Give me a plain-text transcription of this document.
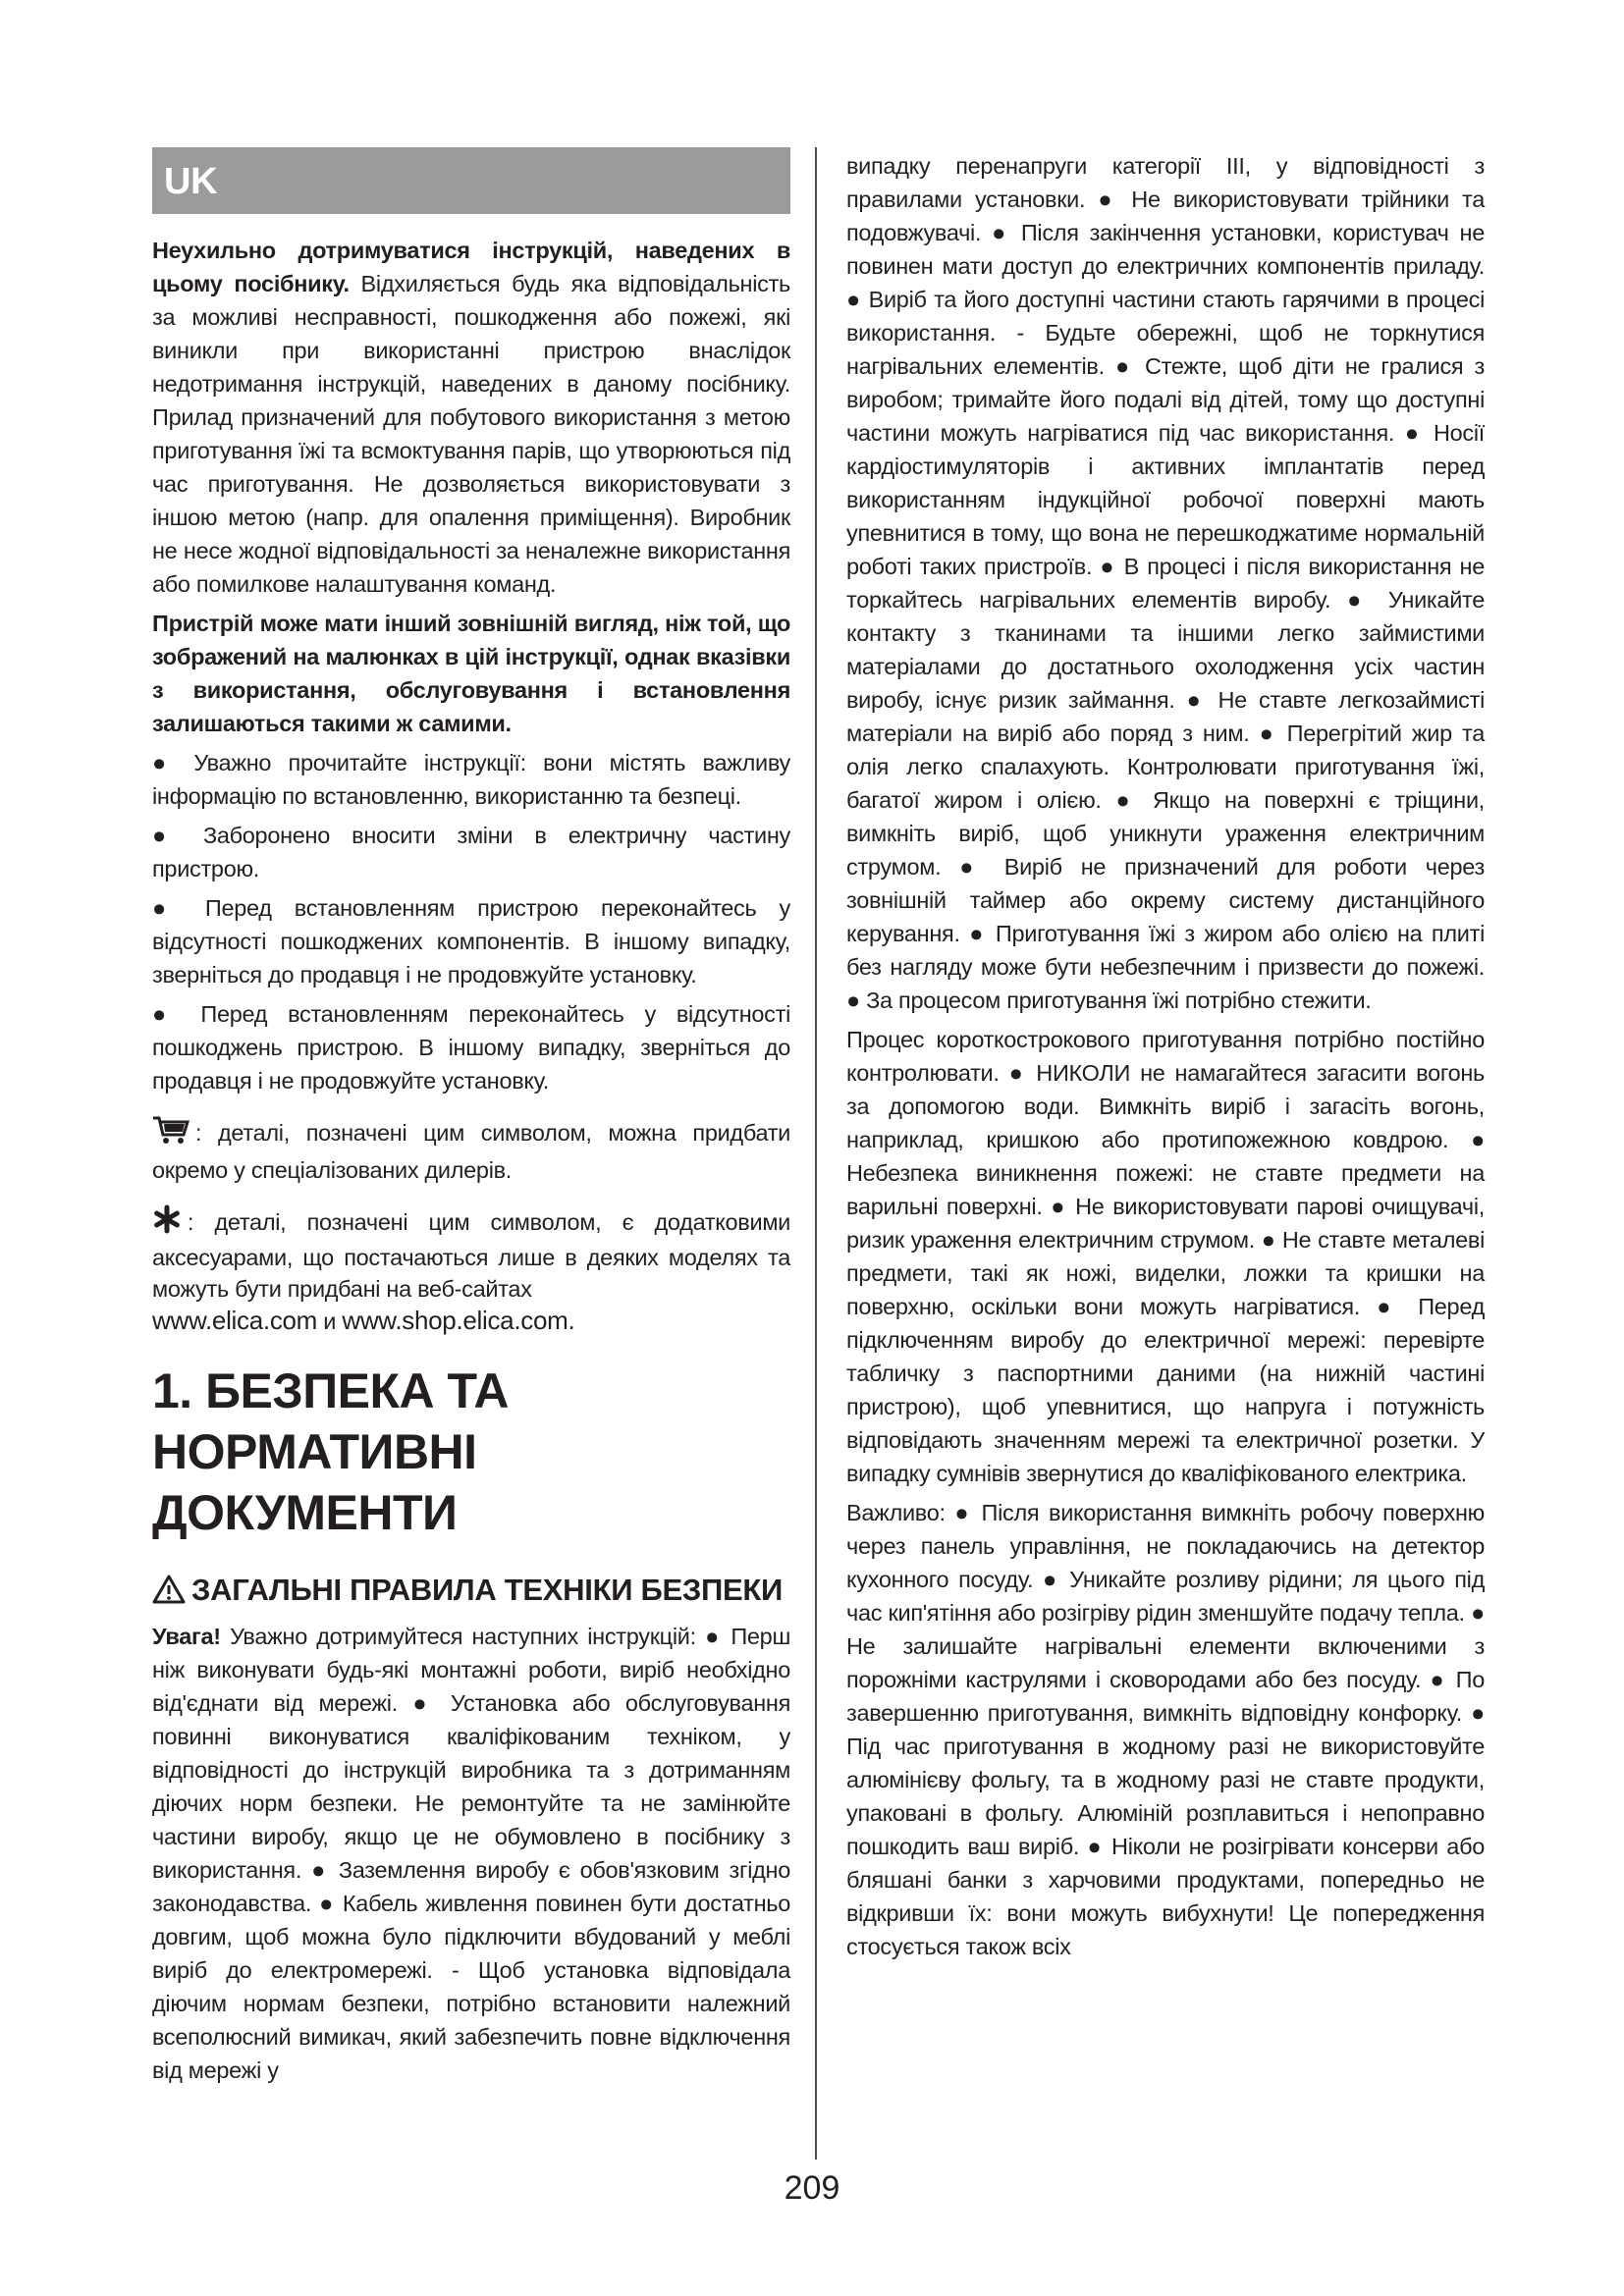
UK

Неухильно дотримуватися інструкцій, наведених в цьому посібнику. Відхиляється будь яка відповідальність за можливі несправності, пошкодження або пожежі, які виникли при використанні пристрою внаслідок недотримання інструкцій, наведених в даному посібнику. Прилад призначений для побутового використання з метою приготування їжі та всмоктування парів, що утворюються під час приготування. Не дозволяється використовувати з іншою метою (напр. для опалення приміщення). Виробник не несе жодної відповідальності за неналежне використання або помилкове налаштування команд.

Пристрій може мати інший зовнішній вигляд, ніж той, що зображений на малюнках в цій інструкції, однак вказівки з використання, обслуговування і встановлення залишаються такими ж самими.

● Уважно прочитайте інструкції: вони містять важливу інформацію по встановленню, використанню та безпеці.

● Заборонено вносити зміни в електричну частину пристрою.

● Перед встановленням пристрою переконайтесь у відсутності пошкоджених компонентів. В іншому випадку, зверніться до продавця і не продовжуйте установку.

● Перед встановленням переконайтесь у відсутності пошкоджень пристрою. В іншому випадку, зверніться до продавця і не продовжуйте установку.

: деталі, позначені цим символом, можна придбати окремо у спеціалізованих дилерів.

: деталі, позначені цим символом, є додатковими аксесуарами, що постачаються лише в деяких моделях та можуть бути придбані на веб-сайтах
www.elica.com и www.shop.elica.com.

1. БЕЗПЕКА ТА НОРМАТИВНІ ДОКУМЕНТИ
ЗАГАЛЬНІ ПРАВИЛА ТЕХНІКИ БЕЗПЕКИ

Увага! Уважно дотримуйтеся наступних інструкцій: ● Перш ніж виконувати будь-які монтажні роботи, виріб необхідно від'єднати від мережі. ● Установка або обслуговування повинні виконуватися кваліфікованим техніком, у відповідності до інструкцій виробника та з дотриманням діючих норм безпеки. Не ремонтуйте та не замінюйте частини виробу, якщо це не обумовлено в посібнику з використання. ● Заземлення виробу є обов'язковим згідно законодавства. ● Кабель живлення повинен бути достатньо довгим, щоб можна було підключити вбудований у меблі виріб до електромережі. - Щоб установка відповідала діючим нормам безпеки, потрібно встановити належний всеполюсний вимикач, який забезпечить повне відключення від мережі у

випадку перенапруги категорії III, у відповідності з правилами установки. ● Не використовувати трійники та подовжувачі. ● Після закінчення установки, користувач не повинен мати доступ до електричних компонентів приладу. ● Виріб та його доступні частини стають гарячими в процесі використання. - Будьте обережні, щоб не торкнутися нагрівальних елементів. ● Стежте, щоб діти не гралися з виробом; тримайте його подалі від дітей, тому що доступні частини можуть нагріватися під час використання. ● Носії кардіостимуляторів і активних імплантатів перед використанням індукційної робочої поверхні мають упевнитися в тому, що вона не перешкоджатиме нормальній роботі таких пристроїв. ● В процесі і після використання не торкайтесь нагрівальних елементів виробу. ● Уникайте контакту з тканинами та іншими легко займистими матеріалами до достатнього охолодження усіх частин виробу, існує ризик займання. ● Не ставте легкозаймисті матеріали на виріб або поряд з ним. ● Перегрітий жир та олія легко спалахують. Контролювати приготування їжі, багатої жиром і олією. ● Якщо на поверхні є тріщини, вимкніть виріб, щоб уникнути ураження електричним струмом. ● Виріб не призначений для роботи через зовнішній таймер або окрему систему дистанційного керування. ● Приготування їжі з жиром або олією на плиті без нагляду може бути небезпечним і призвести до пожежі. ● За процесом приготування їжі потрібно стежити.

Процес короткострокового приготування потрібно постійно контролювати. ● НИКОЛИ не намагайтеся загасити вогонь за допомогою води. Вимкніть виріб і загасіть вогонь, наприклад, кришкою або протипожежною ковдрою. ● Небезпека виникнення пожежі: не ставте предмети на варильні поверхні. ● Не використовувати парові очищувачі, ризик ураження електричним струмом. ● Не ставте металеві предмети, такі як ножі, виделки, ложки та кришки на поверхню, оскільки вони можуть нагріватися. ● Перед підключенням виробу до електричної мережі: перевірте табличку з паспортними даними (на нижній частині пристрою), щоб упевнитися, що напруга і потужність відповідають значенням мережі та електричної розетки. У випадку сумнівів звернутися до кваліфікованого електрика.

Важливо: ● Після використання вимкніть робочу поверхню через панель управління, не покладаючись на детектор кухонного посуду. ● Уникайте розливу рідини; ля цього під час кип'ятіння або розігріву рідин зменшуйте подачу тепла. ● Не залишайте нагрівальні елементи включеними з порожніми каструлями і сковородами або без посуду. ● По завершенню приготування, вимкніть відповідну конфорку. ● Під час приготування в жодному разі не використовуйте алюмінієву фольгу, та в жодному разі не ставте продукти, упаковані в фольгу. Алюміній розплавиться і непоправно пошкодить ваш виріб. ● Ніколи не розігрівати консерви або бляшані банки з харчовими продуктами, попередньо не відкривши їх: вони можуть вибухнути! Це попередження стосується також всіх

209
